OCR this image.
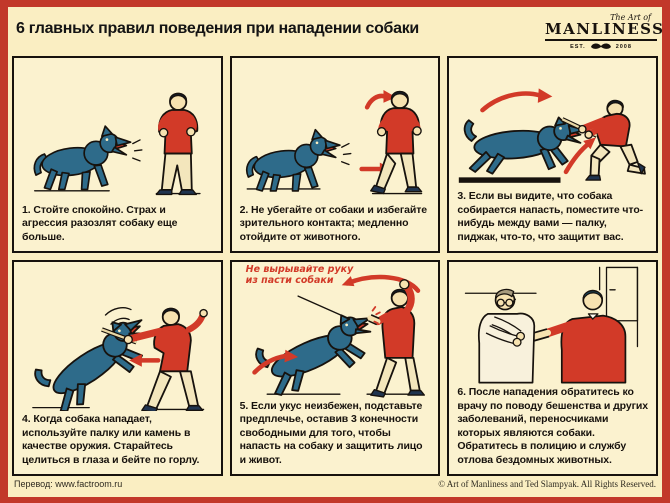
6 главных правил поведения при нападении собаки
The Art of
MANLINESS
EST.	2008

1. Стойте спокойно. Страх и агрессия разозлят собаку еще больше.

2. Не убегайте от собаки и избегайте зрительного контакта; медленно отойдите от животного.

3. Если вы видите, что собака собирается напасть, поместите что-нибудь между вами — палку, пиджак, что-то, что защитит вас.

4. Когда собака нападает, используйте палку или камень в качестве оружия. Старайтесь целиться в глаза и бейте по горлу.

Не вырывайте руку из пасти собаки

5. Если укус неизбежен, подставьте предплечье, оставив 3 конечности свободными для того, чтобы напасть на собаку и защитить лицо и живот.

6. После нападения обратитесь ко врачу по поводу бешенства и других заболеваний, переносчиками которых являются собаки. Обратитесь в полицию и службу отлова бездомных животных.

Перевод: www.factroom.ru	© Art of Manliness and Ted Slampyak. All Rights Reserved.
